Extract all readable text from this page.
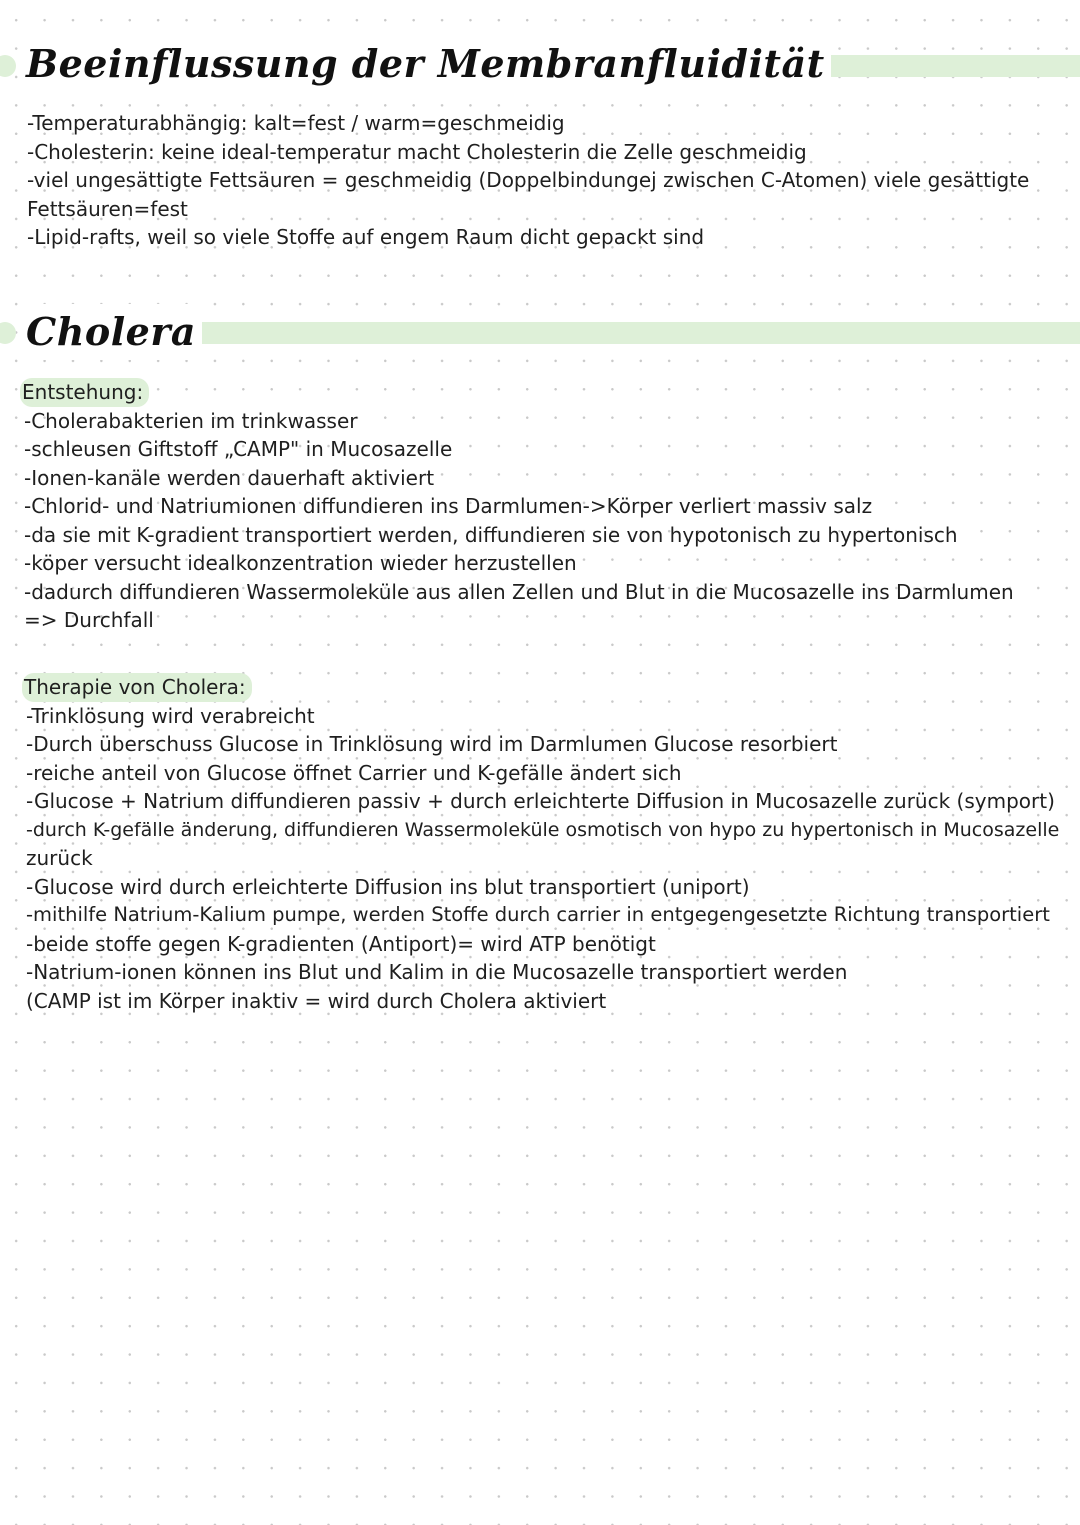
Beeinflussung der Membranfluidität
-Temperaturabhängig: kalt=fest / warm=geschmeidig
-Cholesterin: keine ideal-temperatur macht Cholesterin die Zelle geschmeidig
-viel ungesättigte Fettsäuren = geschmeidig (Doppelbindungej zwischen C-Atomen) viele gesättigte
Fettsäuren=fest
-Lipid-rafts, weil so viele Stoffe auf engem Raum dicht gepackt sind
Cholera
Entstehung:
-Cholerabakterien im trinkwasser
-schleusen Giftstoff „CAMP" in Mucosazelle
-Ionen-kanäle werden dauerhaft aktiviert
-Chlorid- und Natriumionen diffundieren ins Darmlumen->Körper verliert massiv salz
-da sie mit K-gradient transportiert werden, diffundieren sie von hypotonisch zu hypertonisch
-köper versucht idealkonzentration wieder herzustellen
-dadurch diffundieren Wassermoleküle aus allen Zellen und Blut in die Mucosazelle ins Darmlumen
=> Durchfall
Therapie von Cholera:
-Trinklösung wird verabreicht
-Durch überschuss Glucose in Trinklösung wird im Darmlumen Glucose resorbiert
-reiche anteil von Glucose öffnet Carrier und K-gefälle ändert sich
-Glucose + Natrium diffundieren passiv + durch erleichterte Diffusion in Mucosazelle zurück (symport)
-durch K-gefälle änderung, diffundieren Wassermoleküle osmotisch von hypo zu hypertonisch in Mucosazelle
zurück
-Glucose wird durch erleichterte Diffusion ins blut transportiert (uniport)
-mithilfe Natrium-Kalium pumpe, werden Stoffe durch carrier in entgegengesetzte Richtung transportiert
-beide stoffe gegen K-gradienten (Antiport)= wird ATP benötigt
-Natrium-ionen können ins Blut und Kalim in die Mucosazelle transportiert werden
(CAMP ist im Körper inaktiv = wird durch Cholera aktiviert
